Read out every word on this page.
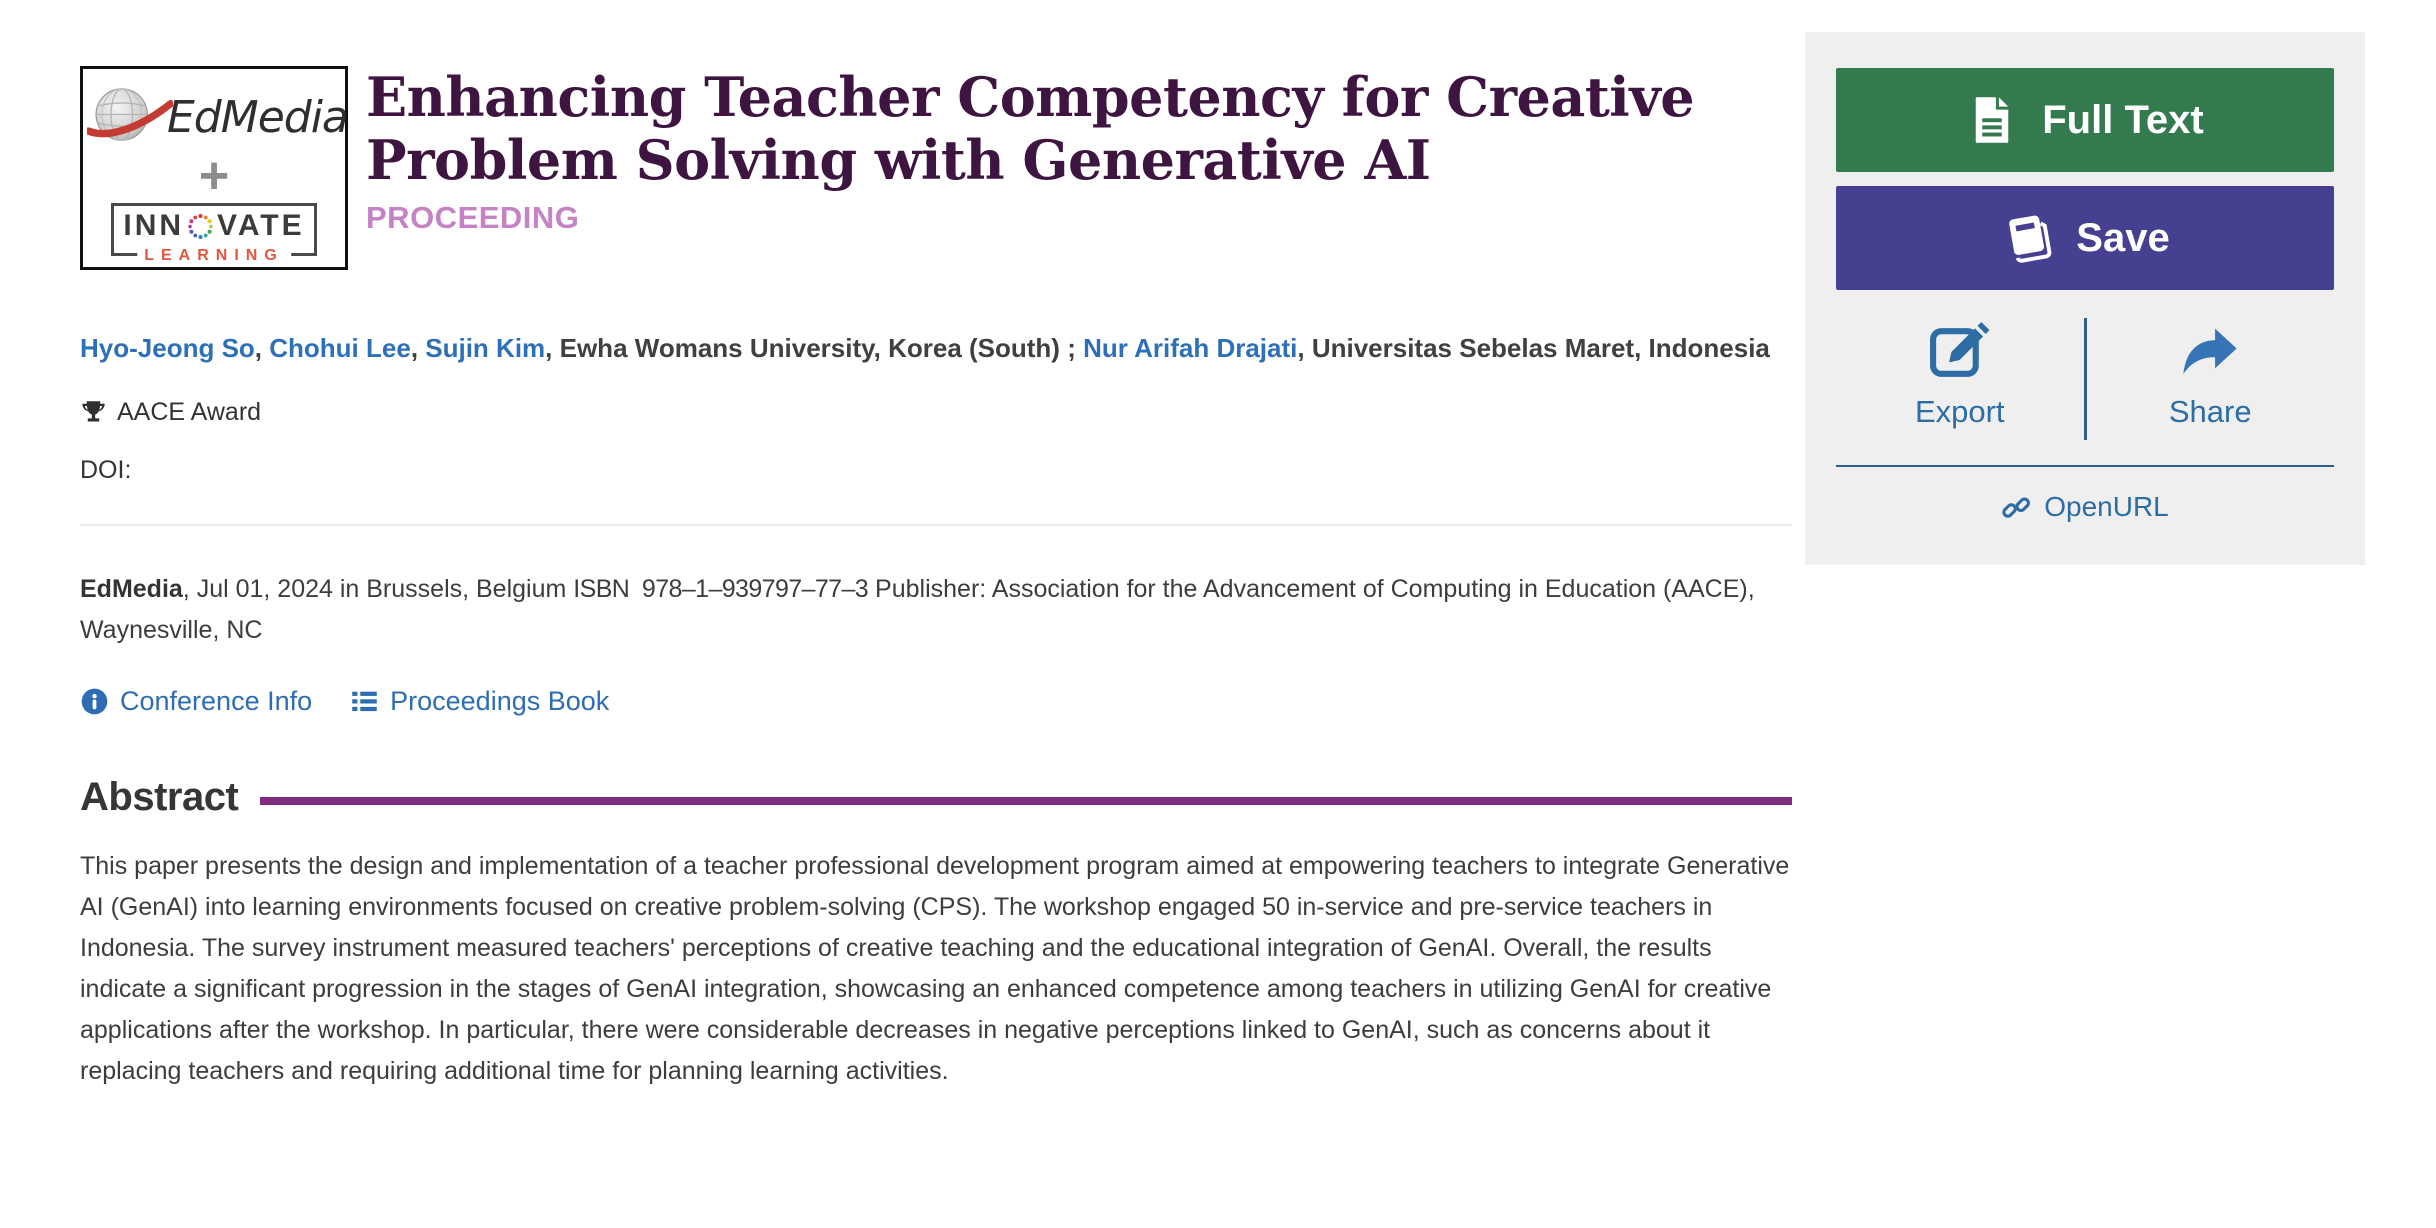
EdMedia
+
INN VATE
LEARNING
Enhancing Teacher Competency for Creative Problem Solving with Generative AI
PROCEEDING

Hyo-Jeong So, Chohui Lee, Sujin Kim, Ewha Womans University, Korea (South) ; Nur Arifah Drajati, Universitas Sebelas Maret, Indonesia

AACE Award
DOI:

EdMedia, Jul 01, 2024 in Brussels, Belgium ISBN  978–1–939797–77–3 Publisher: Association for the Advancement of Computing in Education (AACE), Waynesville, NC

Conference Info	Proceedings Book
Abstract

This paper presents the design and implementation of a teacher professional development program aimed at empowering teachers to integrate Generative AI (GenAI) into learning environments focused on creative problem-solving (CPS). The workshop engaged 50 in-service and pre-service teachers in Indonesia. The survey instrument measured teachers' perceptions of creative teaching and the educational integration of GenAI. Overall, the results indicate a significant progression in the stages of GenAI integration, showcasing an enhanced competence among teachers in utilizing GenAI for creative applications after the workshop. In particular, there were considerable decreases in negative perceptions linked to GenAI, such as concerns about it replacing teachers and requiring additional time for planning learning activities.

Full Text
Save
Export	Share
OpenURL
